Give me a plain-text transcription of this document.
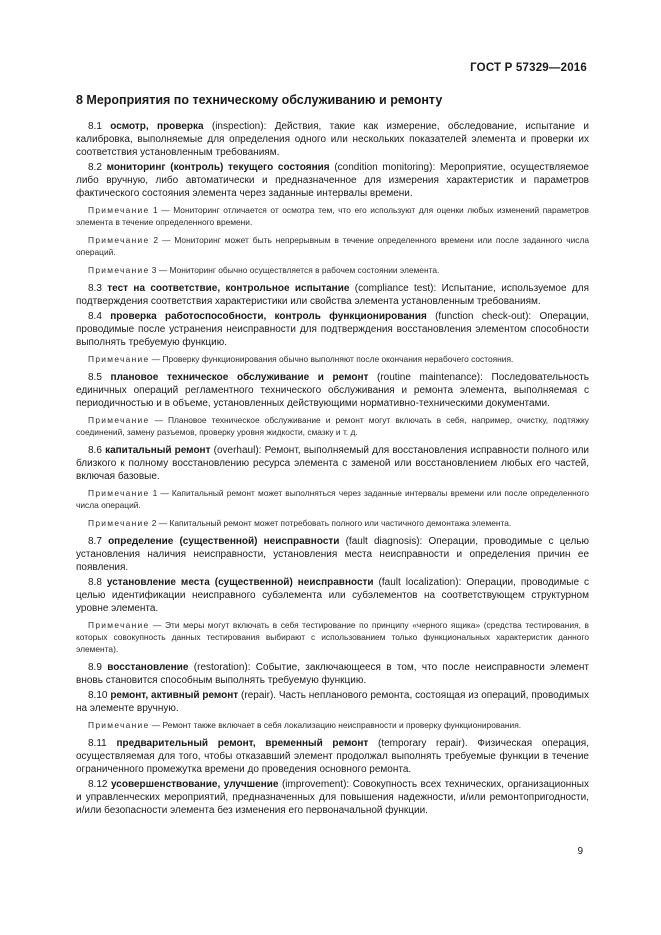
ГОСТ Р 57329—2016
8 Мероприятия по техническому обслуживанию и ремонту

8.1 осмотр, проверка (inspection): Действия, такие как измерение, обследование, испытание и калибровка, выполняемые для определения одного или нескольких показателей элемента и проверки их соответствия установленным требованиям.

8.2 мониторинг (контроль) текущего состояния (condition monitoring): Мероприятие, осуществляемое либо вручную, либо автоматически и предназначенное для измерения характеристик и параметров фактического состояния элемента через заданные интервалы времени.

Примечание 1 — Мониторинг отличается от осмотра тем, что его используют для оценки любых изменений параметров элемента в течение определенного времени.

Примечание 2 — Мониторинг может быть непрерывным в течение определенного времени или после заданного числа операций.

Примечание 3 — Мониторинг обычно осуществляется в рабочем состоянии элемента.

8.3 тест на соответствие, контрольное испытание (compliance test): Испытание, используемое для подтверждения соответствия характеристики или свойства элемента установленным требованиям.

8.4 проверка работоспособности, контроль функционирования (function check-out): Операции, проводимые после устранения неисправности для подтверждения восстановления элементом способности выполнять требуемую функцию.

Примечание — Проверку функционирования обычно выполняют после окончания нерабочего состояния.

8.5 плановое техническое обслуживание и ремонт (routine maintenance): Последовательность единичных операций регламентного технического обслуживания и ремонта элемента, выполняемая с периодичностью и в объеме, установленных действующими нормативно-техническими документами.

Примечание — Плановое техническое обслуживание и ремонт могут включать в себя, например, очистку, подтяжку соединений, замену разъемов, проверку уровня жидкости, смазку и т. д.

8.6 капитальный ремонт (overhaul): Ремонт, выполняемый для восстановления исправности полного или близкого к полному восстановлению ресурса элемента с заменой или восстановлением любых его частей, включая базовые.

Примечание 1 — Капитальный ремонт может выполняться через заданные интервалы времени или после определенного числа операций.

Примечание 2 — Капитальный ремонт может потребовать полного или частичного демонтажа элемента.

8.7 определение (существенной) неисправности (fault diagnosis): Операции, проводимые с целью установления наличия неисправности, установления места неисправности и определения причин ее появления.

8.8 установление места (существенной) неисправности (fault localization): Операции, проводимые с целью идентификации неисправного субэлемента или субэлементов на соответствующем структурном уровне элемента.

Примечание — Эти меры могут включать в себя тестирование по принципу «черного ящика» (средства тестирования, в которых совокупность данных тестирования выбирают с использованием только функциональных характеристик данного элемента).

8.9 восстановление (restoration): Событие, заключающееся в том, что после неисправности элемент вновь становится способным выполнять требуемую функцию.

8.10 ремонт, активный ремонт (repair). Часть непланового ремонта, состоящая из операций, проводимых на элементе вручную.

Примечание — Ремонт также включает в себя локализацию неисправности и проверку функционирования.

8.11 предварительный ремонт, временный ремонт (temporary repair). Физическая операция, осуществляемая для того, чтобы отказавший элемент продолжал выполнять требуемые функции в течение ограниченного промежутка времени до проведения основного ремонта.

8.12 усовершенствование, улучшение (improvement): Совокупность всех технических, организационных и управленческих мероприятий, предназначенных для повышения надежности, и/или ремонтопригодности, и/или безопасности элемента без изменения его первоначальной функции.

9
